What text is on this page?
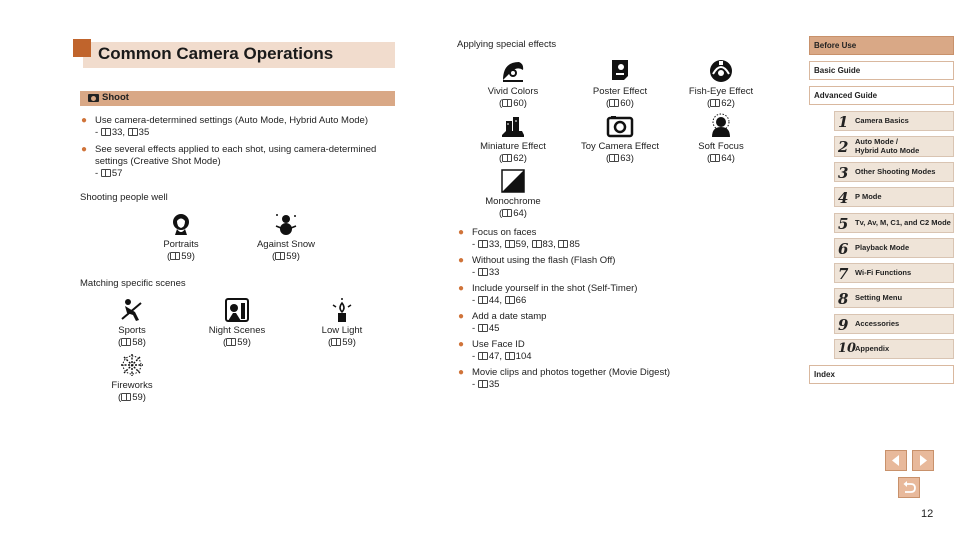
Common Camera Operations
Shoot
● Use camera-determined settings (Auto Mode, Hybrid Auto Mode)
- 33, 35
● See several effects applied to each shot, using camera-determined
settings (Creative Shot Mode)
- 57
Shooting people well
Portraits
( 59)
Against Snow
( 59)
Matching specific scenes
Sports
( 58)
Night Scenes
( 59)
Low Light
( 59)
Fireworks
( 59)
Applying special effects
Vivid Colors
( 60)
Poster Effect
( 60)
Fish-Eye Effect
( 62)
Miniature Effect
( 62)
Toy Camera Effect
( 63)
Soft Focus
( 64)
Monochrome
( 64)
● Focus on faces
- 33, 59, 83, 85
● Without using the flash (Flash Off)
- 33
● Include yourself in the shot (Self-Timer)
- 44, 66
● Add a date stamp
- 45
● Use Face ID
- 47, 104
● Movie clips and photos together (Movie Digest)
- 35
Before Use
Basic Guide
Advanced Guide
1 Camera Basics
2 Auto Mode /
Hybrid Auto Mode
3 Other Shooting Modes
4 P Mode
5 Tv, Av, M, C1, and C2 Mode
6 Playback Mode
7 Wi-Fi Functions
8 Setting Menu
9 Accessories
10
Appendix
Index
12
